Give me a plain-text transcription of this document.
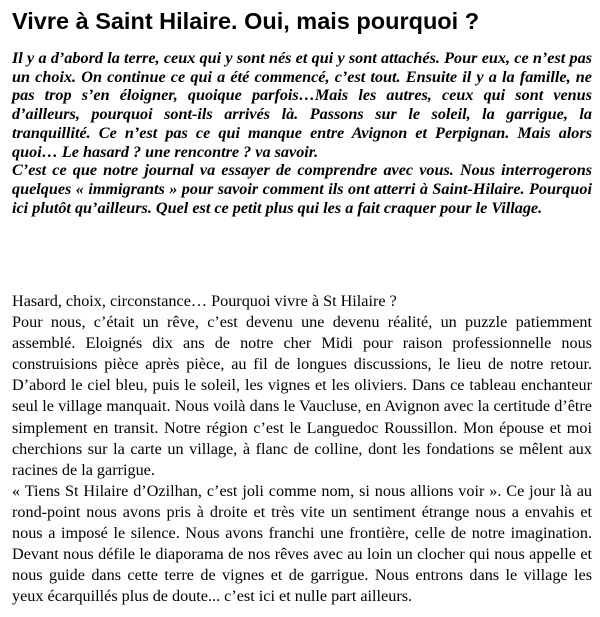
Vivre à Saint Hilaire. Oui, mais pourquoi ?

Il y a d’abord la terre, ceux qui y sont nés et qui y sont attachés. Pour eux, ce n’est pas un choix. On continue ce qui a été commencé, c’est tout. Ensuite il y a la famille, ne pas trop s’en éloigner, quoique parfois…Mais les autres, ceux qui sont venus d’ailleurs, pourquoi sont-ils arrivés là. Passons sur le soleil, la garrigue, la tranquillité. Ce n’est pas ce qui manque entre Avignon et Perpignan. Mais alors quoi… Le hasard ? une rencontre ? va savoir.

C’est ce que notre journal va essayer de comprendre avec vous. Nous interrogerons quelques « immigrants » pour savoir comment ils ont atterri à Saint-Hilaire. Pourquoi ici plutôt qu’ailleurs. Quel est ce petit plus qui les a fait craquer pour le Village.

Hasard, choix, circonstance… Pourquoi vivre à St Hilaire ?

Pour nous, c’était un rêve, c’est devenu une devenu réalité, un puzzle patiemment assemblé. Eloignés dix ans de notre cher Midi pour raison professionnelle nous construisions pièce après pièce, au fil de longues discussions, le lieu de notre retour. D’abord le ciel bleu, puis le soleil, les vignes et les oliviers. Dans ce tableau enchanteur seul le village manquait. Nous voilà dans le Vaucluse, en Avignon avec la certitude d’être simplement en transit. Notre région c’est le Languedoc Roussillon. Mon épouse et moi cherchions sur la carte un village, à flanc de colline, dont les fondations se mêlent aux racines de la garrigue.

« Tiens St Hilaire d’Ozilhan, c’est joli comme nom, si nous allions voir ». Ce jour là au rond-point nous avons pris à droite et très vite un sentiment étrange nous a envahis et nous a imposé le silence. Nous avons franchi une frontière, celle de notre imagination. Devant nous défile le diaporama de nos rêves avec au loin un clocher qui nous appelle et nous guide dans cette terre de vignes et de garrigue. Nous entrons dans le village les yeux écarquillés plus de doute... c’est ici et nulle part ailleurs.
